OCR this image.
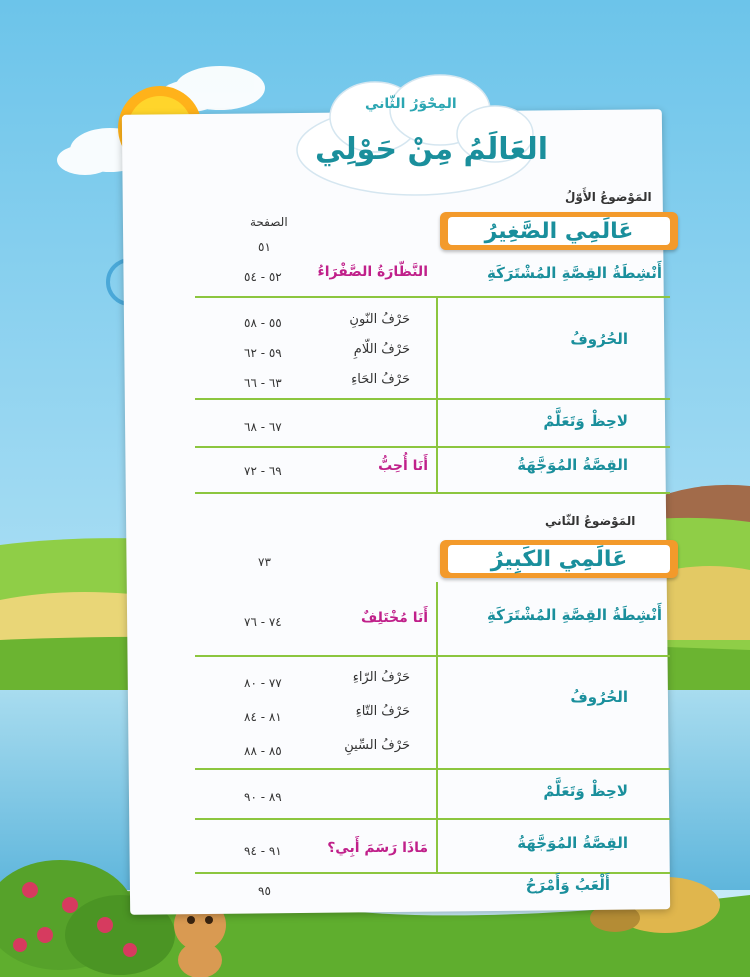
المِحْوَرُ الثّاني
العَالَمُ مِنْ حَوْلِي
المَوْضوعُ الأَوّلُ
عَالَمِي الصَّغِيرُ
الصفحة
٥١
أَنْشِطَةُ القِصَّةِ المُشْتَرَكَةِ
النَّظّارَةُ الصَّفْرَاءُ
٥٢ - ٥٤
الحُرُوفُ
حَرْفُ النّونِ
٥٥ - ٥٨
حَرْفُ اللّامِ
٥٩ - ٦٢
حَرْفُ الحَاءِ
٦٣ - ٦٦
لاحِظْ وَتَعَلَّمْ
٦٧ - ٦٨
القِصَّةُ المُوَجَّهَةُ
أَنَا أُحِبُّ
٦٩ - ٧٢
المَوْضوعُ الثّاني
عَالَمِي الكَبِيرُ
٧٣
أَنْشِطَةُ القِصَّةِ المُشْتَرَكَةِ
أَنَا مُخْتَلِفٌ
٧٤ - ٧٦
الحُرُوفُ
حَرْفُ الرّاءِ
٧٧ - ٨٠
حَرْفُ التّاءِ
٨١ - ٨٤
حَرْفُ السِّينِ
٨٥ - ٨٨
لاحِظْ وَتَعَلَّمْ
٨٩ - ٩٠
القِصَّةُ المُوَجَّهَةُ
مَاذَا رَسَمَ أَبِي؟
٩١ - ٩٤
أَلْعَبُ وَأَمْرَحُ
٩٥
